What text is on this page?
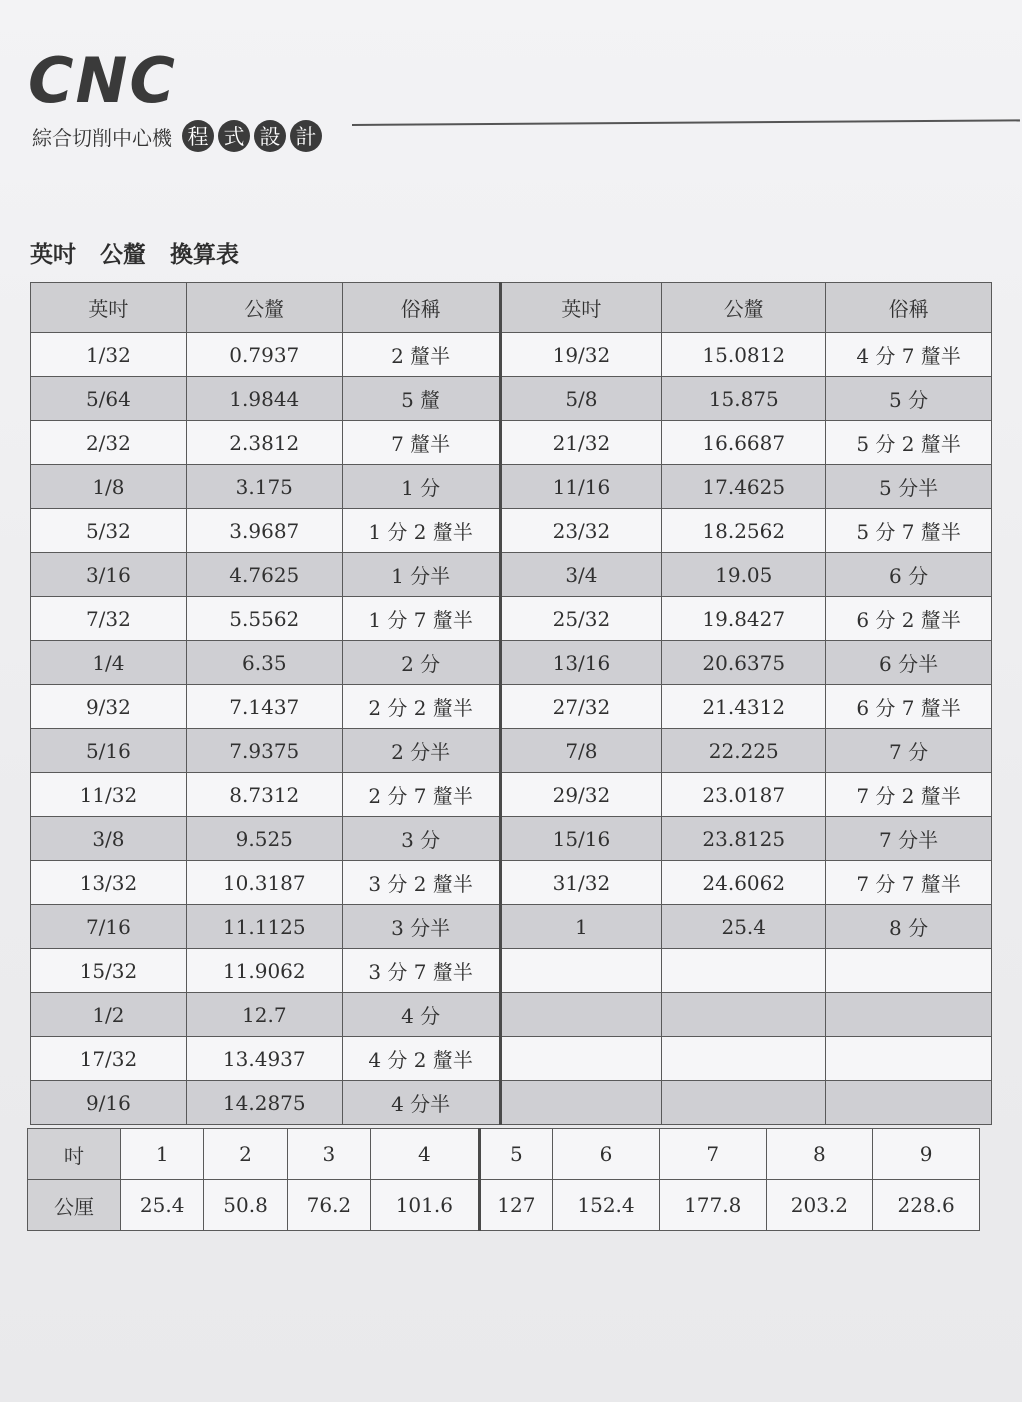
CNC
綜合切削中心機 程 式 設 計
英吋 公釐 換算表
英吋	公釐	俗稱	英吋	公釐	俗稱
1/32	0.7937	2 釐半	19/32	15.0812	4 分 7 釐半
5/64	1.9844	5 釐	5/8	15.875	5 分
2/32	2.3812	7 釐半	21/32	16.6687	5 分 2 釐半
1/8	3.175	1 分	11/16	17.4625	5 分半
5/32	3.9687	1 分 2 釐半	23/32	18.2562	5 分 7 釐半
3/16	4.7625	1 分半	3/4	19.05	6 分
7/32	5.5562	1 分 7 釐半	25/32	19.8427	6 分 2 釐半
1/4	6.35	2 分	13/16	20.6375	6 分半
9/32	7.1437	2 分 2 釐半	27/32	21.4312	6 分 7 釐半
5/16	7.9375	2 分半	7/8	22.225	7 分
11/32	8.7312	2 分 7 釐半	29/32	23.0187	7 分 2 釐半
3/8	9.525	3 分	15/16	23.8125	7 分半
13/32	10.3187	3 分 2 釐半	31/32	24.6062	7 分 7 釐半
7/16	11.1125	3 分半	1	25.4	8 分
15/32	11.9062	3 分 7 釐半			
1/2	12.7	4 分			
17/32	13.4937	4 分 2 釐半			
9/16	14.2875	4 分半			
吋	1	2	3	4	5	6	7	8	9
公厘	25.4	50.8	76.2	101.6	127	152.4	177.8	203.2	228.6
